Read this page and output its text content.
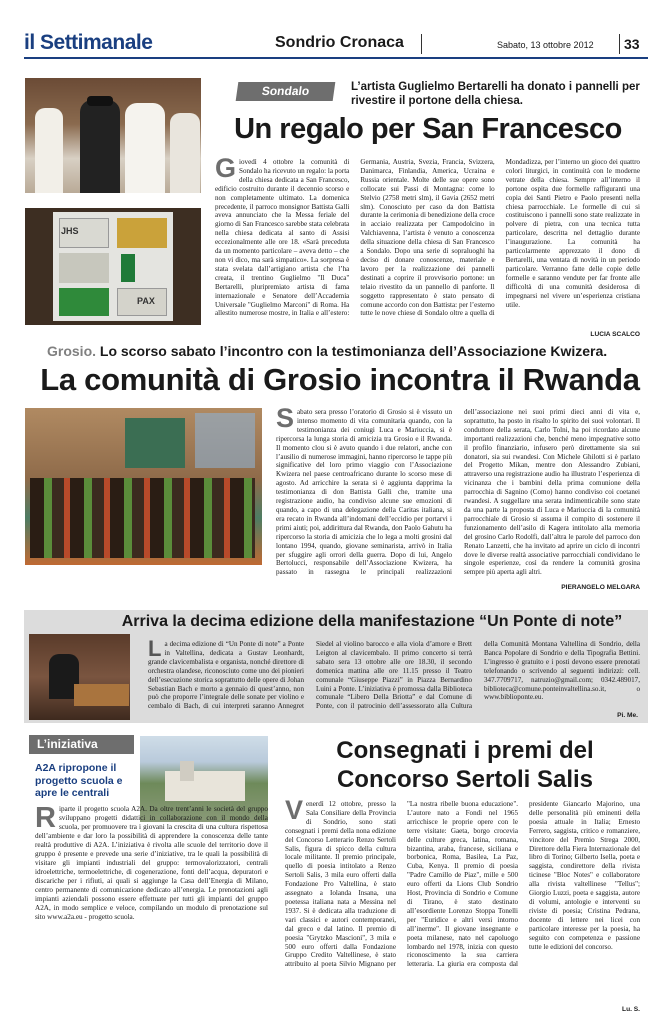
il Settimanale	Sondrio Cronaca	Sabato, 13 ottobre 2012 33
JHS
PAX
Sondalo	L’artista Guglielmo Bertarelli ha donato i pannelli per rivestire il portone della chiesa.
Un regalo per San Francesco
Giovedì 4 ottobre la comunità di Sondalo ha ricevuto un regalo: la porta della chiesa dedicata a San Francesco, edificio costruito durante il decennio scorso e non completamente ultimato. La domenica precedente, il parroco monsignor Battista Galli aveva annunciato che la Messa feriale del giorno di San Francesco sarebbe stata celebrata nella chiesa dedicata al santo di Assisi eccezionalmente alle ore 18. «Sarà preceduta da un momento particolare – aveva detto – che non vi dico, ma sarà simpatico». La sorpresa è stata svelata dall’artigiano artista che l’ha creata, il trentino Guglielmo "Il Duca" Bertarelli, pluripremiato artista di fama internazionale e Senatore dell’Accademia Universale "Guglielmo Marconi" di Roma. Ha allestito numerose mostre, in Italia e all’estero: Germania, Austria, Svezia, Francia, Svizzera, Danimarca, Finlandia, America, Ucraina e Russia orientale. Molte delle sue opere sono collocate sui Passi di Montagna: come lo Stelvio (2758 metri slm), il Gavia (2652 metri slm). Conosciuto per caso da don Battista durante la cerimonia di benedizione della croce in acciaio realizzata per Campodolcino in Valchiavenna, l’artista è venuto a conoscenza della situazione della chiesa di San Francesco a Sondalo. Dopo una serie di sopraluoghi ha deciso di donare conoscenze, materiale e lavoro per la realizzazione dei pannelli destinati a coprire il provvisorio portone: un telaio rivestito da un pannello di panforte. Il soggetto rappresentato è stato pensato di comune accordo con don Battista: per l’esterno tutte le nove chiese di Sondalo oltre a quella di Mondadizza, per l’interno un gioco dei quattro colori liturgici, in continuità con le moderne vetrate della chiesa. Sempre all’interno il portone ospita due formelle raffiguranti una copia dei Santi Pietro e Paolo presenti nella chiesa parrocchiale. Le formelle di cui si costituiscono i pannelli sono state realizzate in polvere di pietra, con una tecnica tutta particolare, descritta nel dettaglio durante l’inaugurazione. La comunità ha particolarmente apprezzato il dono di Bertarelli, una ventata di novità in un periodo particolare. Verranno fatte delle copie delle formelle e saranno vendute per far fronte alle difficoltà di una comunità desiderosa di impegnarsi nel vivere un’esperienza cristiana utile.
LUCIA SCALCO
Grosio. Lo scorso sabato l’incontro con la testimonianza dell’Associazione Kwizera.
La comunità di Grosio incontra il Rwanda
Sabato sera presso l’oratorio di Grosio si è vissuto un intenso momento di vita comunitaria quando, con la testimonianza dei coniugi Luca e Mariuccia, si è ripercorsa la lunga storia di amicizia tra Grosio e il Rwanda. Il momento clou si è avuto quando i due relatori, anche con l’ausilio di numerose immagini, hanno ripercorso le tappe più significative del loro primo viaggio con l’Associazione Kwizera nel paese centroafricano durante lo scorso mese di agosto. Ad arricchire la serata si è aggiunta dapprima la testimonianza di don Battista Galli che, tramite una registrazione audio, ha condiviso alcune sue emozioni di quando, a capo di una delegazione della Caritas italiana, si era recato in Rwanda all’indomani dell’eccidio per portarvi i primi aiuti; poi, addirittura dal Rwanda, don Paolo Gahutu ha ripercorso la storia di amicizia che lo lega a molti grosini dal lontano 1994, quando, giovane seminarista, arrivò in Italia per sfuggire agli orrori della guerra. Dopo di lui, Angelo Bertolucci, responsabile dell’Associazione Kwizera, ha passato in rassegna le principali realizzazioni dell’associazione nei suoi primi dieci anni di vita e, soprattutto, ha posto in risalto lo spirito dei suoi volontari. Il conduttore della serata, Carlo Tolni, ha poi ricordato alcune importanti realizzazioni che, benché meno impegnative sotto il profilo finanziario, infusero però direttamente sia sui donatori, sia sui rwandesi. Con Michele Ghilotti si è parlato del Progetto Mikan, mentre don Alessandro Zubiani, attraverso una registrazione audio ha illustrato l’esperienza di vicinanza che i bambini della prima comunione della parrocchia di Sagnino (Como) hanno condiviso coi coetanei rwandesi. A suggellare una serata indimenticabile sono state da una parte la proposta di Luca e Mariuccia di la comunità parrocchiale di Grosio si assuma il compito di sostenere il funzionamento dell’asilo di Kagera intitolato alla memoria del grosino Carlo Rodolfi, dall’altra le parole del parroco don Renato Lanzetti, che ha invitato ad aprire un ciclo di incontri dove le diverse realtà associative parrocchiali condividano le singole esperienze, così da rendere la comunità grosina sempre più aperta agli altri.
PIERANGELO MELGARA
Arriva la decima edizione della manifestazione “Un Ponte di note”
La decima edizione di “Un Ponte di note” a Ponte in Valtellina, dedicata a Gustav Leonhardt, grande clavicembalista e organista, nonché direttore di orchestra olandese, riconosciuto come uno dei pionieri dell’esecuzione storica soprattutto delle opere di Johan Sebastian Bach e morto a gennaio di quest’anno, non può che proporre l’integrale delle sonate per violino e cembalo di Bach, di cui interpreti saranno Annegret Siedel al violino barocco e alla viola d’amore e Brett Leigton al clavicembalo. Il primo concerto si terrà sabato sera 13 ottobre alle ore 18.30, il secondo domenica mattina alle ore 11.15 presso il Teatro comunale “Giuseppe Piazzi” in Piazza Bernardino Luini a Ponte. L’iniziativa è promossa dalla Biblioteca comunale “Libero Della Briotta” e dal Comune di Ponte, con il patrocinio dell’assessorato alla Cultura della Comunità Montana Valtellina di Sondrio, della Banca Popolare di Sondrio e della Tipografia Bettini. L’ingresso è gratuito e i posti devono essere prenotati telefonando o scrivendo al seguenti indirizzi: cell. 347.7709717, natruzio@gmail.com; 0342.489017, biblioteca@comune.ponteinvaltellina.so.it, o www.bibliopоnte.eu.
Pi. Me.
L’iniziativa
A2A ripropone il progetto scuola e apre le centrali
Riparte il progetto scuola A2A. Da oltre trent’anni le società del gruppo sviluppano progetti didattici in collaborazione con il mondo della scuola, per promuovere tra i giovani la crescita di una cultura rispettosa dell’ambiente e dar loro la possibilità di apprendere la conoscenza delle tante realtà produttive di A2A. L’iniziativa è rivolta alle scuole del territorio dove il gruppo è presente e prevede una serie d’iniziative, tra le quali la possibilità di visitare gli impianti industriali del gruppo: termovalorizzatori, centrali idroelettriche, termoelettriche, di cogenerazione, fonti dell’acqua, depuratori e discariche per i rifiuti, ai quali si aggiunge la Casa dell’Energia di Milano, centro permanente di comunicazione dedicato all’energia. Le prenotazioni agli impianti aziendali possono essere effettuate per tutti gli impianti del gruppo A2A, in modo semplice e veloce, compilando un modulo di prenotazione sul sito www.a2a.eu - progetto scuola.
Consegnati i premi del Concorso Sertoli Salis
Venerdì 12 ottobre, presso la Sala Consiliare della Provincia di Sondrio, sono stati consegnati i premi della nona edizione del Concorso Letterario Renzo Sertoli Salis, figura di spicco della cultura locale militante. Il premio principale, quello di poesia intitolato a Renzo Sertoli Salis, 3 mila euro offerti dalla Fondazione Pro Valtellina, è stato assegnato a Iolanda Insana, una poetessa italiana nata a Messina nel 1937. Si è dedicata alla traduzione di vari classici e autori contemporanei, dal greco e dal latino. Il premio di poesia "Grytzko Mascioni", 3 mila e 500 euro offerti dalla Fondazione Gruppo Credito Valtellinese, è stato attribuito al poeta Silvio Mignano per "La nostra ribelle buona educazione". L’autore nato a Fondi nel 1965 arricchisce le proprie opere con le terre visitate: Gaeta, borgo crocevia delle culture greca, latina, romana, bizantina, araba, francese, siciliana e borbonica, Roma, Basilea, La Paz, Cuba, Kenya. Il premio di poesia "Padre Camillo de Piaz", mille e 500 euro offerti da Lions Club Sondrio Host, Provincia di Sondrio e Comune di Tirano, è stato destinato all’esordiente Lorenzo Stoppa Tonelli per "Euridice e altri versi intorno all’inerme". Il giovane insegnante e poeta milanese, nato nel capoluogo lombardo nel 1978, inizia con questo riconoscimento la sua carriera letteraria. La giuria era composta dal presidente Giancarlo Majorino, una delle personalità più eminenti della poesia attuale in Italia; Ernesto Ferrero, saggista, critico e romanziere, vincitore del Premio Strega 2000, Direttore della Fiera Internazionale del libro di Torino; Gilberto Isella, poeta e saggista, condirettore della rivista ticinese "Bloc Notes" e collaboratore alla rivista valtellinese "Tellus"; Giorgio Luzzi, poeta e saggista, autore di volumi, antologie e interventi su riviste di poesia; Cristina Pedrana, docente di lettere nei licei con particolare interesse per la poesia, ha seguito con competenza e passione tutte le edizioni del concorso.
Lu. S.
